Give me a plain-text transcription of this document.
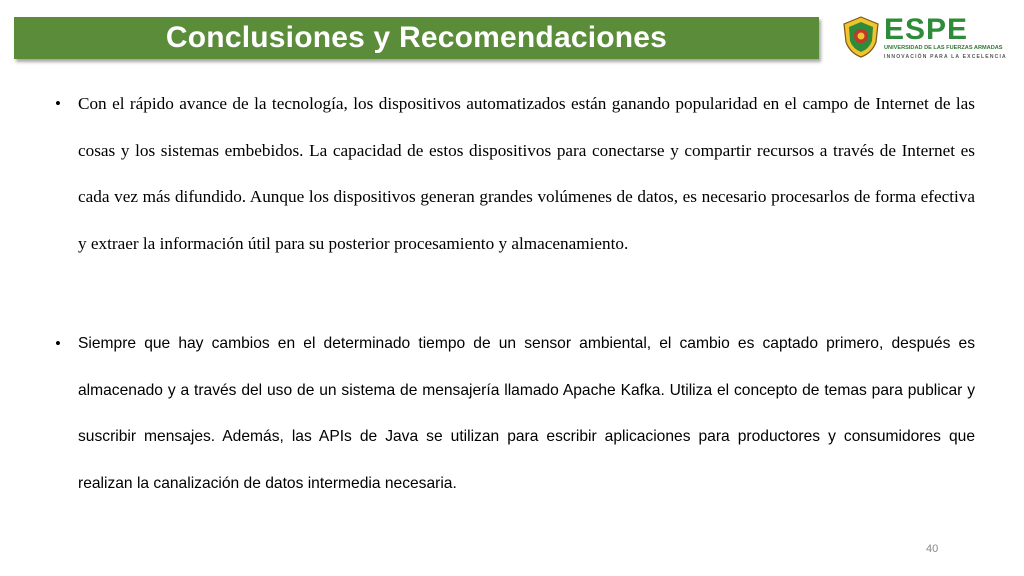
Conclusiones y Recomendaciones	ESPE
UNIVERSIDAD DE LAS FUERZAS ARMADAS
INNOVACIÓN PARA LA EXCELENCIA
• Con el rápido avance de la tecnología, los dispositivos automatizados están ganando popularidad en el campo de Internet de las cosas y los sistemas embebidos. La capacidad de estos dispositivos para conectarse y compartir recursos a través de Internet es cada vez más difundido. Aunque los dispositivos generan grandes volúmenes de datos, es necesario procesarlos de forma efectiva y extraer la información útil para su posterior procesamiento y almacenamiento.

• Siempre que hay cambios en el determinado tiempo de un sensor ambiental, el cambio es captado primero, después es almacenado y a través del uso de un sistema de mensajería llamado Apache Kafka. Utiliza el concepto de temas para publicar y suscribir mensajes. Además, las APIs de Java se utilizan para escribir aplicaciones para productores y consumidores que realizan la canalización de datos intermedia necesaria.

40
